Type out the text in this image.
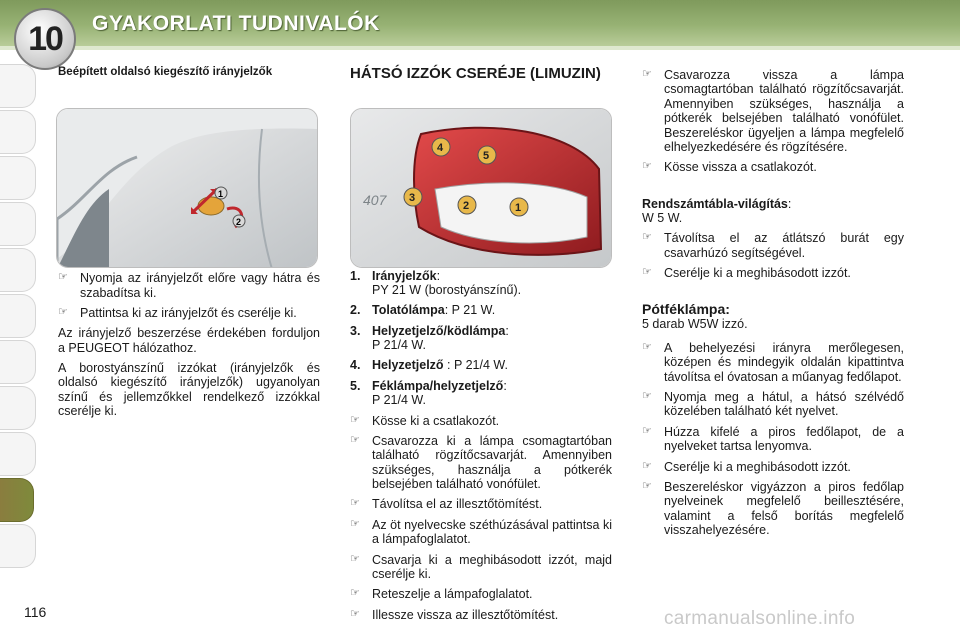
10 GYAKORLATI TUDNIVALÓK
Beépített oldalsó kiegészítő irányjelzők
☞ Nyomja az irányjelzőt előre vagy hátra és szabadítsa ki.
☞ Pattintsa ki az irányjelzőt és cserélje ki.
Az irányjelző beszerzése érdekében forduljon a PEUGEOT hálózathoz.
A borostyánszínű izzókat (irányjelzők és oldalsó kiegészítő irányjelzők) ugyanolyan színű és jellemzőkkel rendelkező izzókkal cserélje ki.
1
2
HÁTSÓ IZZÓK CSERÉJE (LIMUZIN)
1. Irányjelzők:
PY 21 W (borostyánszínű).
2. Tolatólámpa: P 21 W.
3. Helyzetjelző/ködlámpa:
P 21/4 W.
4. Helyzetjelző : P 21/4 W.
5. Féklámpa/helyzetjelző:
P 21/4 W.
☞ Kösse ki a csatlakozót.
☞ Csavarozza ki a lámpa csomagtartóban található rögzítőcsavarját. Amennyiben szükséges, használja a pótkerék belsejében található vonófület.
☞ Távolítsa el az illesztőtömítést.
☞ Az öt nyelvecske széthúzásával pattintsa ki a lámpafoglalatot.
☞ Csavarja ki a meghibásodott izzót, majd cserélje ki.
☞ Reteszelje a lámpafoglalatot.
☞ Illessze vissza az illesztőtömítést.
407
4
5
3
2	1
☞ Csavarozza vissza a lámpa csomagtartóban található rögzítőcsavarját. Amennyiben szükséges, használja a pótkerék belsejében található vonófület. Beszereléskor ügyeljen a lámpa megfelelő elhelyezkedésére és rögzítésére.
☞ Kösse vissza a csatlakozót.
Rendszámtábla-világítás:
W 5 W.
☞ Távolítsa el az átlátszó burát egy csavarhúzó segítségével.
☞ Cserélje ki a meghibásodott izzót.
Pótféklámpa:
5 darab W5W izzó.
☞ A behelyezési irányra merőlegesen, középen és mindegyik oldalán kipattintva távolítsa el óvatosan a műanyag fedőlapot.
☞ Nyomja meg a hátul, a hátsó szélvédő közelében található két nyelvet.
☞ Húzza kifelé a piros fedőlapot, de a nyelveket tartsa lenyomva.
☞ Cserélje ki a meghibásodott izzót.
☞ Beszereléskor vigyázzon a piros fedőlap nyelveinek megfelelő beillesztésére, valamint a felső borítás megfelelő visszahelyezésére.
116	carmanualsonline.info
